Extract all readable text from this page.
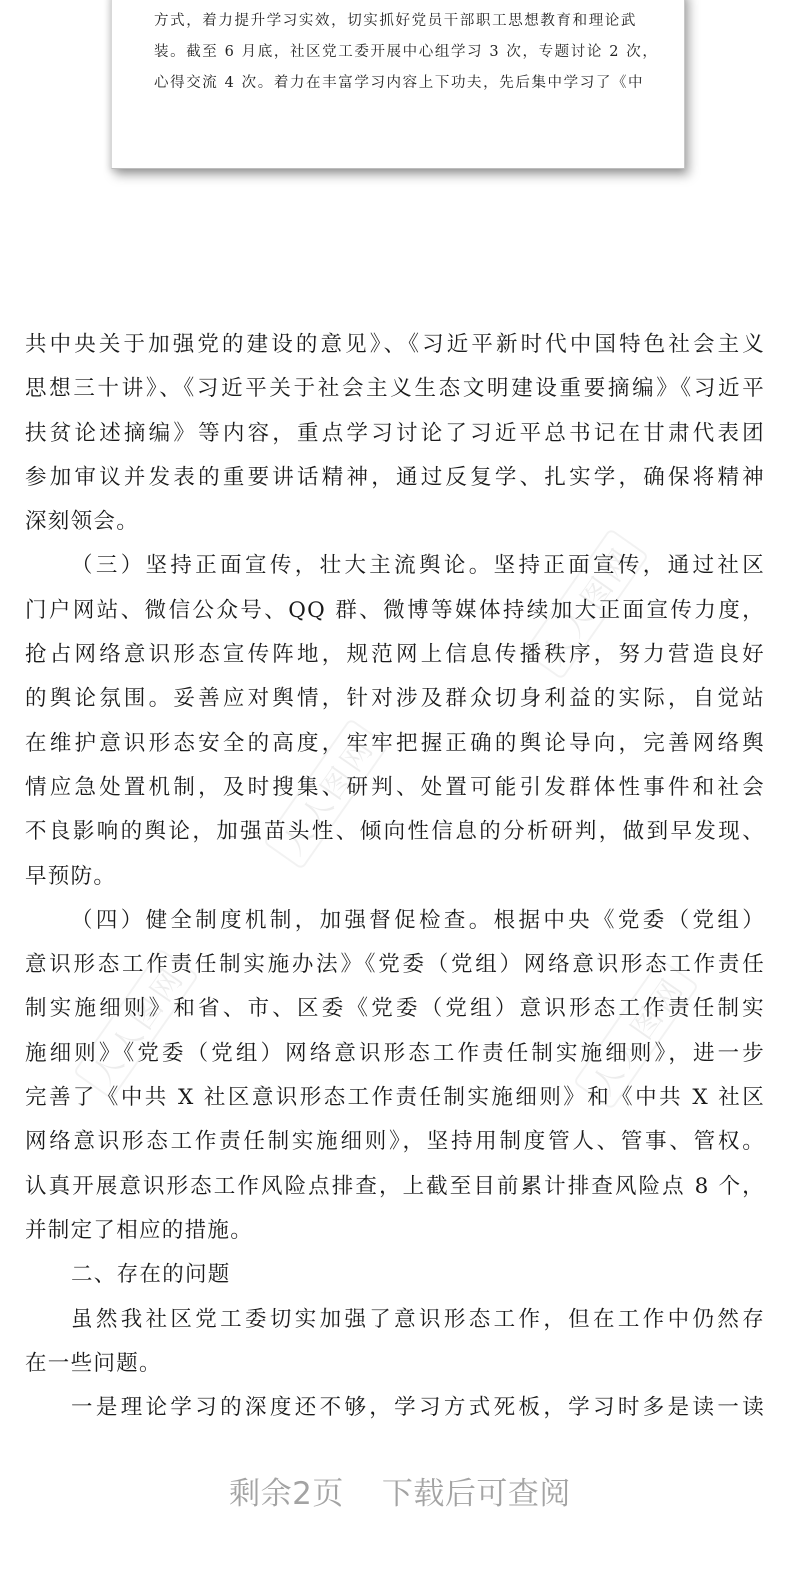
方式，着力提升学习实效，切实抓好党员干部职工思想教育和理论武
装。截至 6 月底，社区党工委开展中心组学习 3 次，专题讨论 2 次，
心得交流 4 次。着力在丰富学习内容上下功夫，先后集中学习了《中
人人图网
人人图网
人人图网	人人图网
共中央关于加强党的建设的意见》、《习近平新时代中国特色社会主义
思想三十讲》、《习近平关于社会主义生态文明建设重要摘编》《习近平
扶贫论述摘编》等内容，重点学习讨论了习近平总书记在甘肃代表团
参加审议并发表的重要讲话精神，通过反复学、扎实学，确保将精神
深刻领会。
（三）坚持正面宣传，壮大主流舆论。坚持正面宣传，通过社区
门户网站、微信公众号、QQ 群、微博等媒体持续加大正面宣传力度，
抢占网络意识形态宣传阵地，规范网上信息传播秩序，努力营造良好
的舆论氛围。妥善应对舆情，针对涉及群众切身利益的实际，自觉站
在维护意识形态安全的高度，牢牢把握正确的舆论导向，完善网络舆
情应急处置机制，及时搜集、研判、处置可能引发群体性事件和社会
不良影响的舆论，加强苗头性、倾向性信息的分析研判，做到早发现、
早预防。
（四）健全制度机制，加强督促检查。根据中央《党委（党组）
意识形态工作责任制实施办法》《党委（党组）网络意识形态工作责任
制实施细则》和省、市、区委《党委（党组）意识形态工作责任制实
施细则》《党委（党组）网络意识形态工作责任制实施细则》，进一步
完善了《中共 X 社区意识形态工作责任制实施细则》和《中共 X 社区
网络意识形态工作责任制实施细则》，坚持用制度管人、管事、管权。
认真开展意识形态工作风险点排查，上截至目前累计排查风险点 8 个，
并制定了相应的措施。
二、存在的问题
虽然我社区党工委切实加强了意识形态工作，但在工作中仍然存
在一些问题。
一是理论学习的深度还不够，学习方式死板，学习时多是读一读
剩余2页 下载后可查阅
